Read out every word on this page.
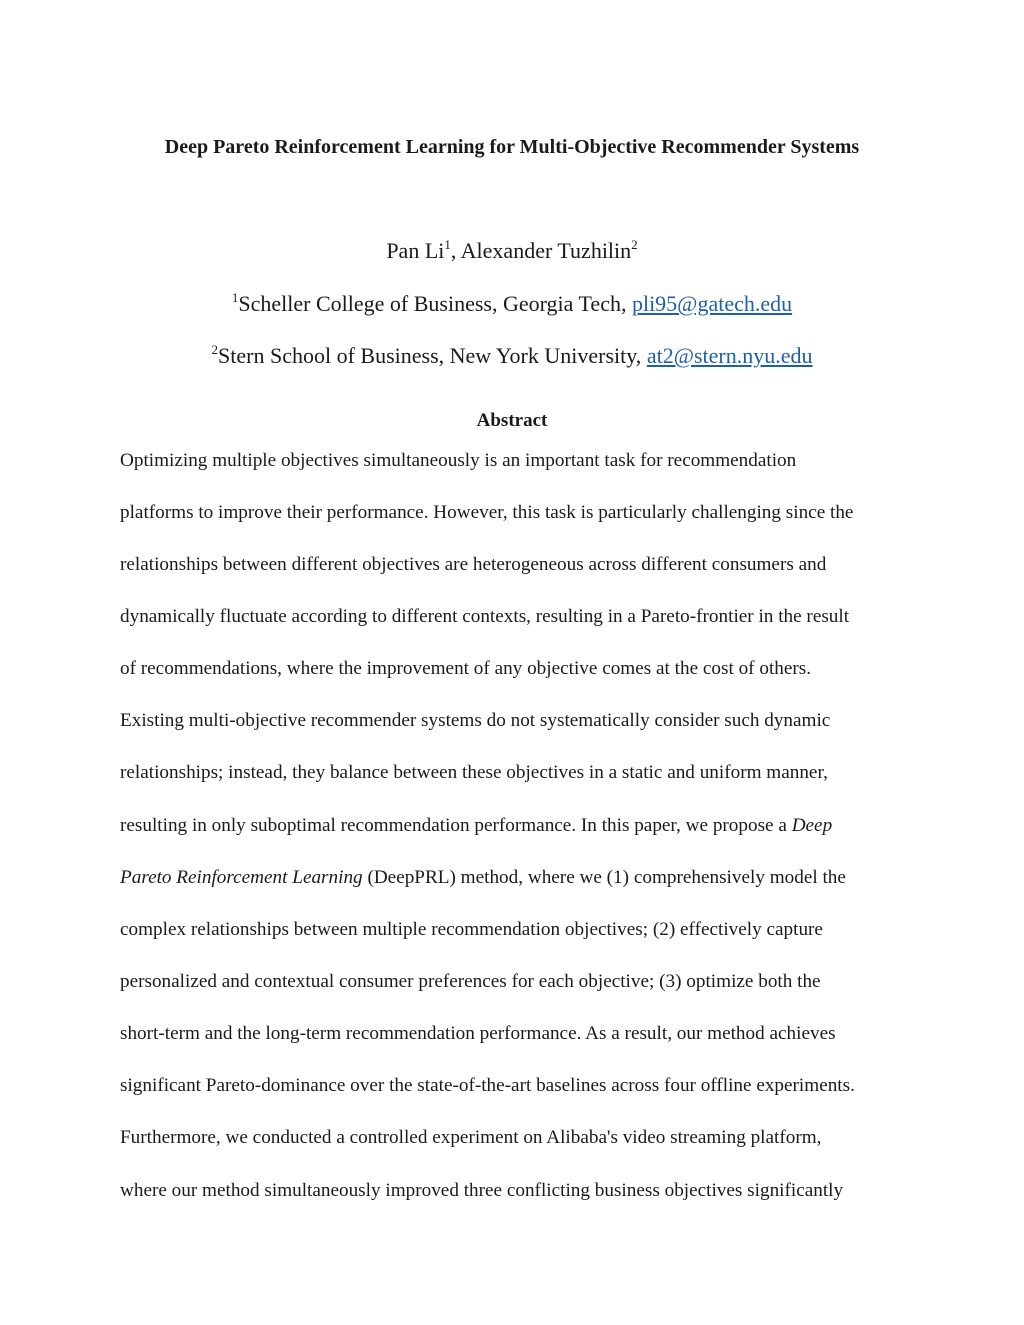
Deep Pareto Reinforcement Learning for Multi-Objective Recommender Systems
Pan Li$^1$, Alexander Tuzhilin$^2$
$^1$Scheller College of Business, Georgia Tech, pli95@gatech.edu
$^2$Stern School of Business, New York University, at2@stern.nyu.edu
Abstract
Optimizing multiple objectives simultaneously is an important task for recommendation
platforms to improve their performance. However, this task is particularly challenging since the
relationships between different objectives are heterogeneous across different consumers and
dynamically fluctuate according to different contexts, resulting in a Pareto-frontier in the result
of recommendations, where the improvement of any objective comes at the cost of others.
Existing multi-objective recommender systems do not systematically consider such dynamic
relationships; instead, they balance between these objectives in a static and uniform manner,
resulting in only suboptimal recommendation performance. In this paper, we propose a Deep
Pareto Reinforcement Learning (DeepPRL) method, where we (1) comprehensively model the
complex relationships between multiple recommendation objectives; (2) effectively capture
personalized and contextual consumer preferences for each objective; (3) optimize both the
short-term and the long-term recommendation performance. As a result, our method achieves
significant Pareto-dominance over the state-of-the-art baselines across four offline experiments.
Furthermore, we conducted a controlled experiment on Alibaba's video streaming platform,
where our method simultaneously improved three conflicting business objectives significantly
